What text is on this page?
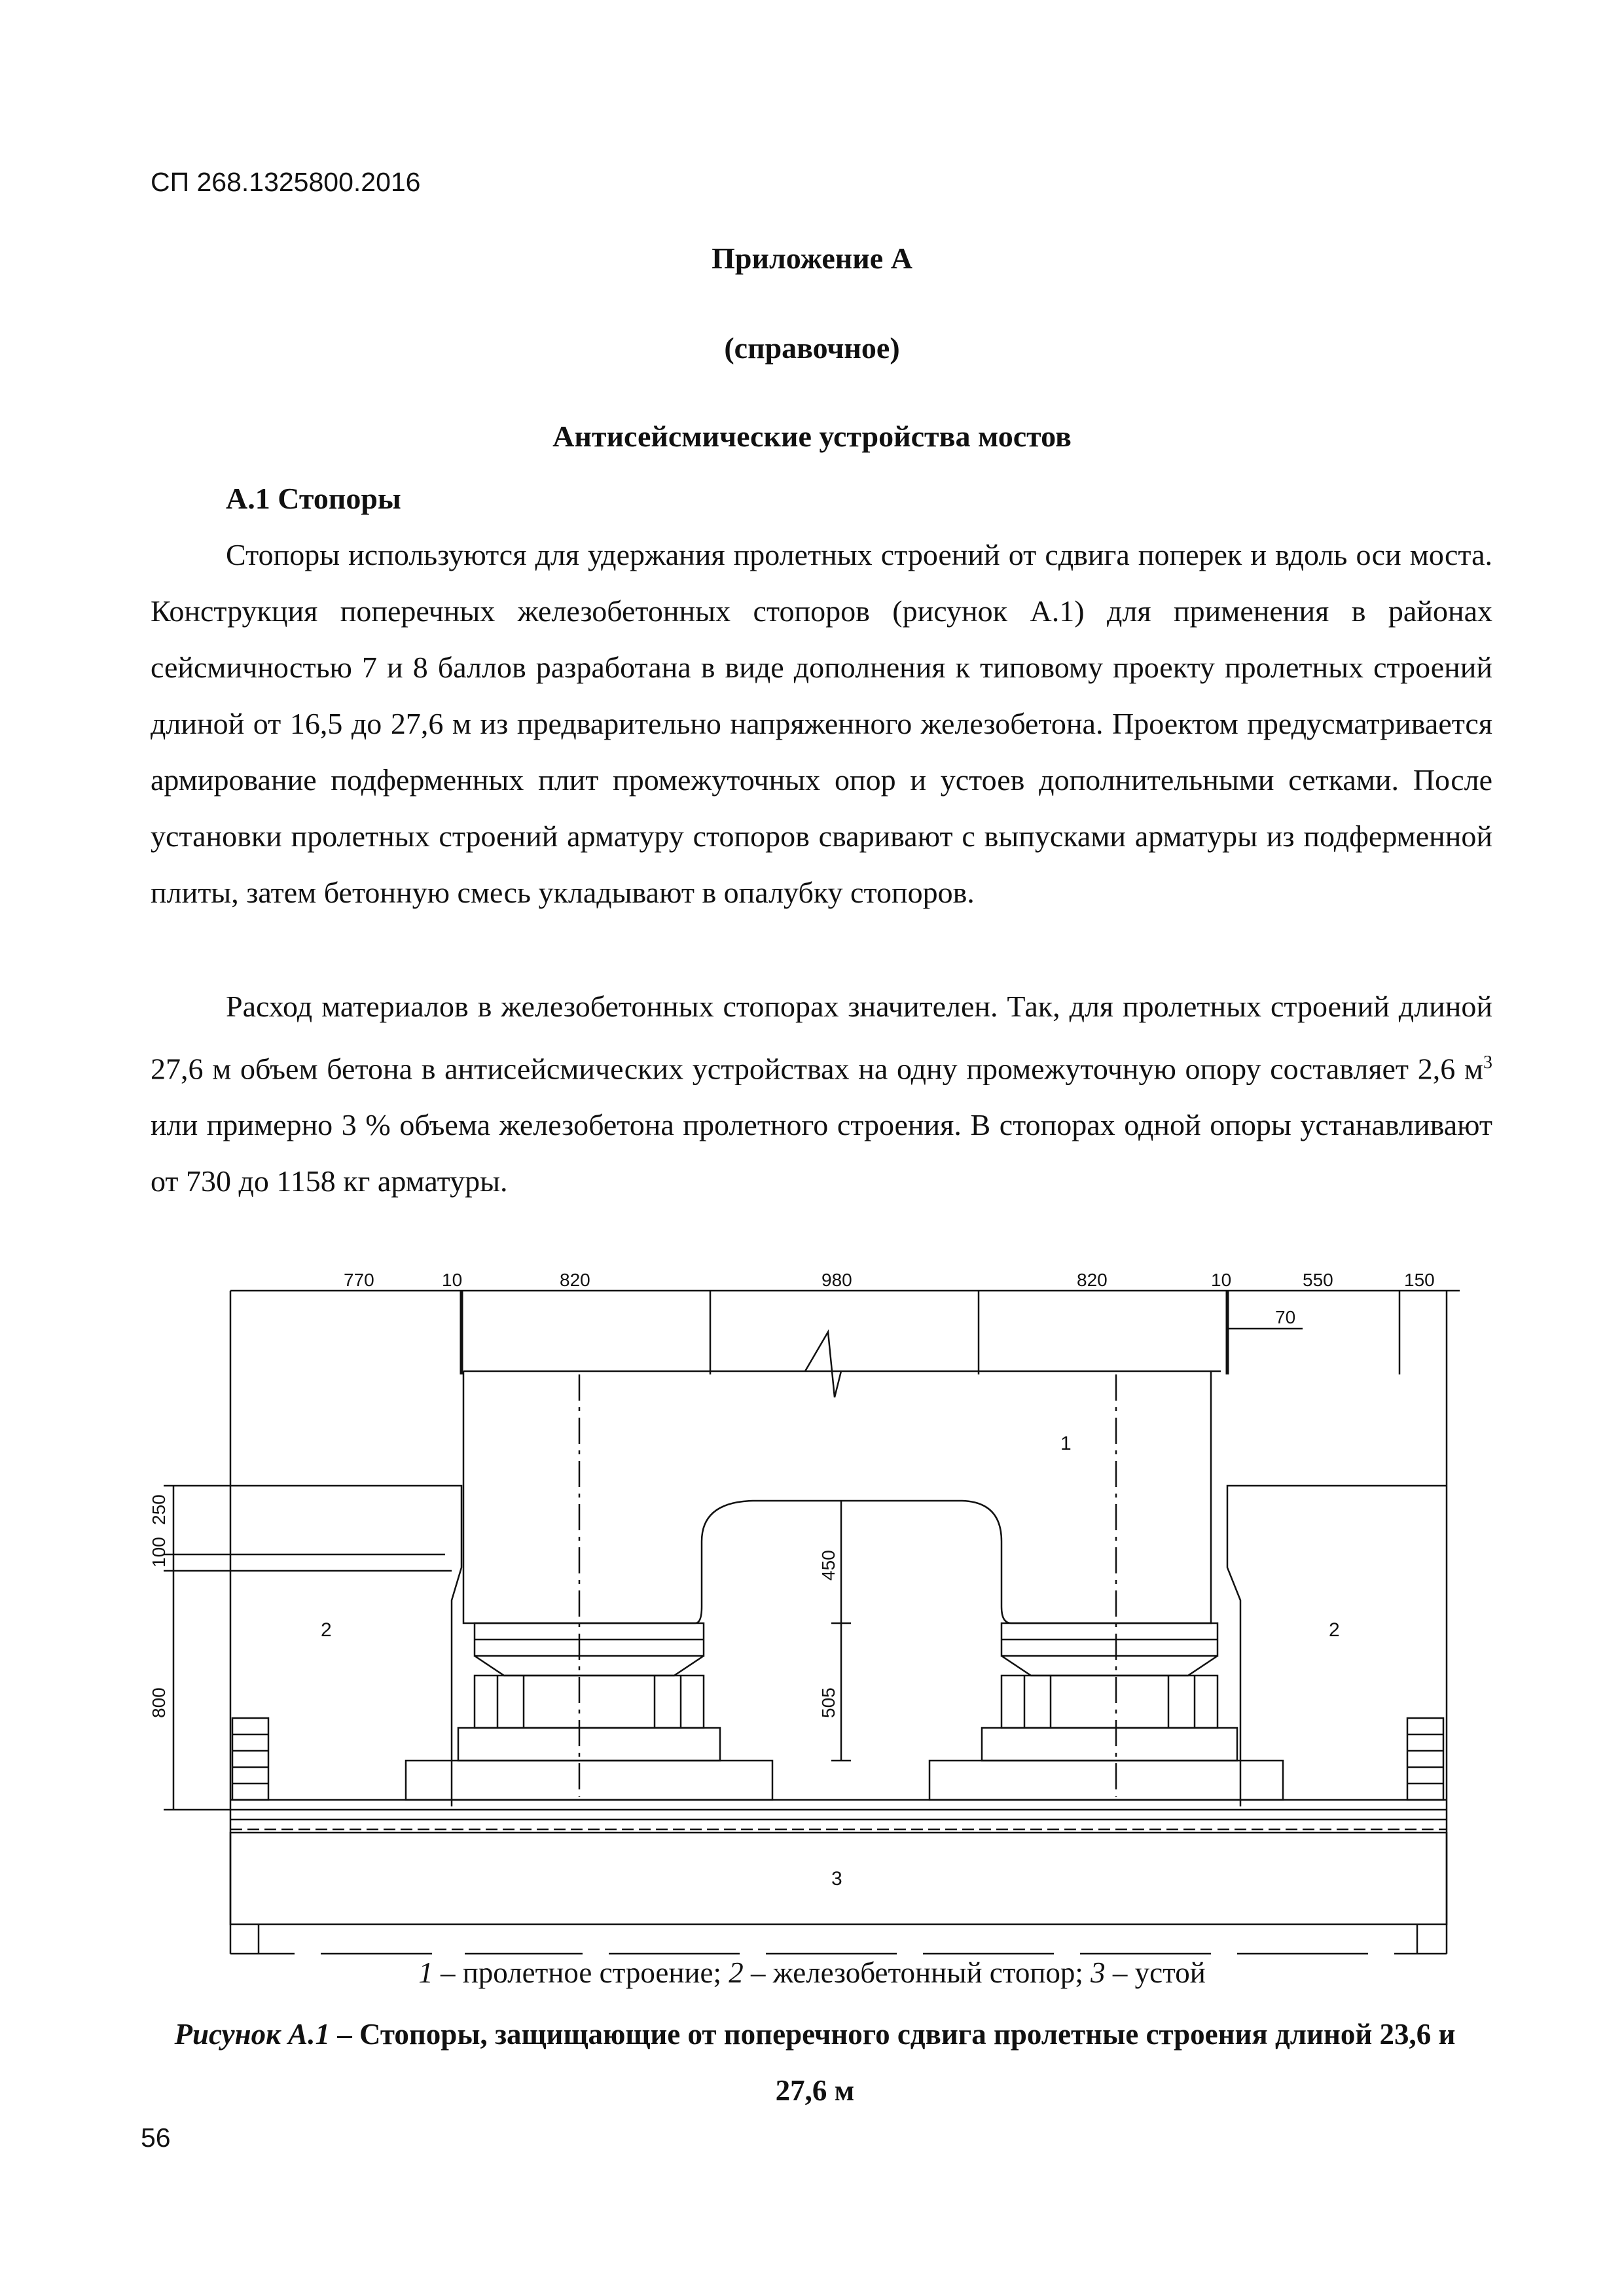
СП 268.1325800.2016
Приложение А
(справочное)
Антисейсмические устройства мостов
А.1 Стопоры
Стопоры используются для удержания пролетных строений от сдвига поперек и вдоль оси моста. Конструкция поперечных железобетонных стопоров (рисунок А.1) для применения в районах сейсмичностью 7 и 8 баллов разработана в виде дополнения к типовому проекту пролетных строений длиной от 16,5 до 27,6 м из предварительно напряженного железобетона. Проектом предусматривается армирование подферменных плит промежуточных опор и устоев дополнительными сетками. После установки пролетных строений арматуру стопоров сваривают с выпусками арматуры из подферменной плиты, затем бетонную смесь укладывают в опалубку стопоров.
Расход материалов в железобетонных стопорах значителен. Так, для пролетных строений длиной 27,6 м объем бетона в антисейсмических устройствах на одну промежуточную опору составляет 2,6 $м^3$ или примерно 3 % объема железобетона пролетного строения. В стопорах одной опоры устанавливают от 730 до 1158 кг арматуры.
770	10	820	980	820	10	550	150
70
250
100
800
450
505
1
2	2
3
1 – пролетное строение; 2 – железобетонный стопор; 3 – устой
Рисунок А.1 – Стопоры, защищающие от поперечного сдвига пролетные строения длиной 23,6 и 27,6 м
56
